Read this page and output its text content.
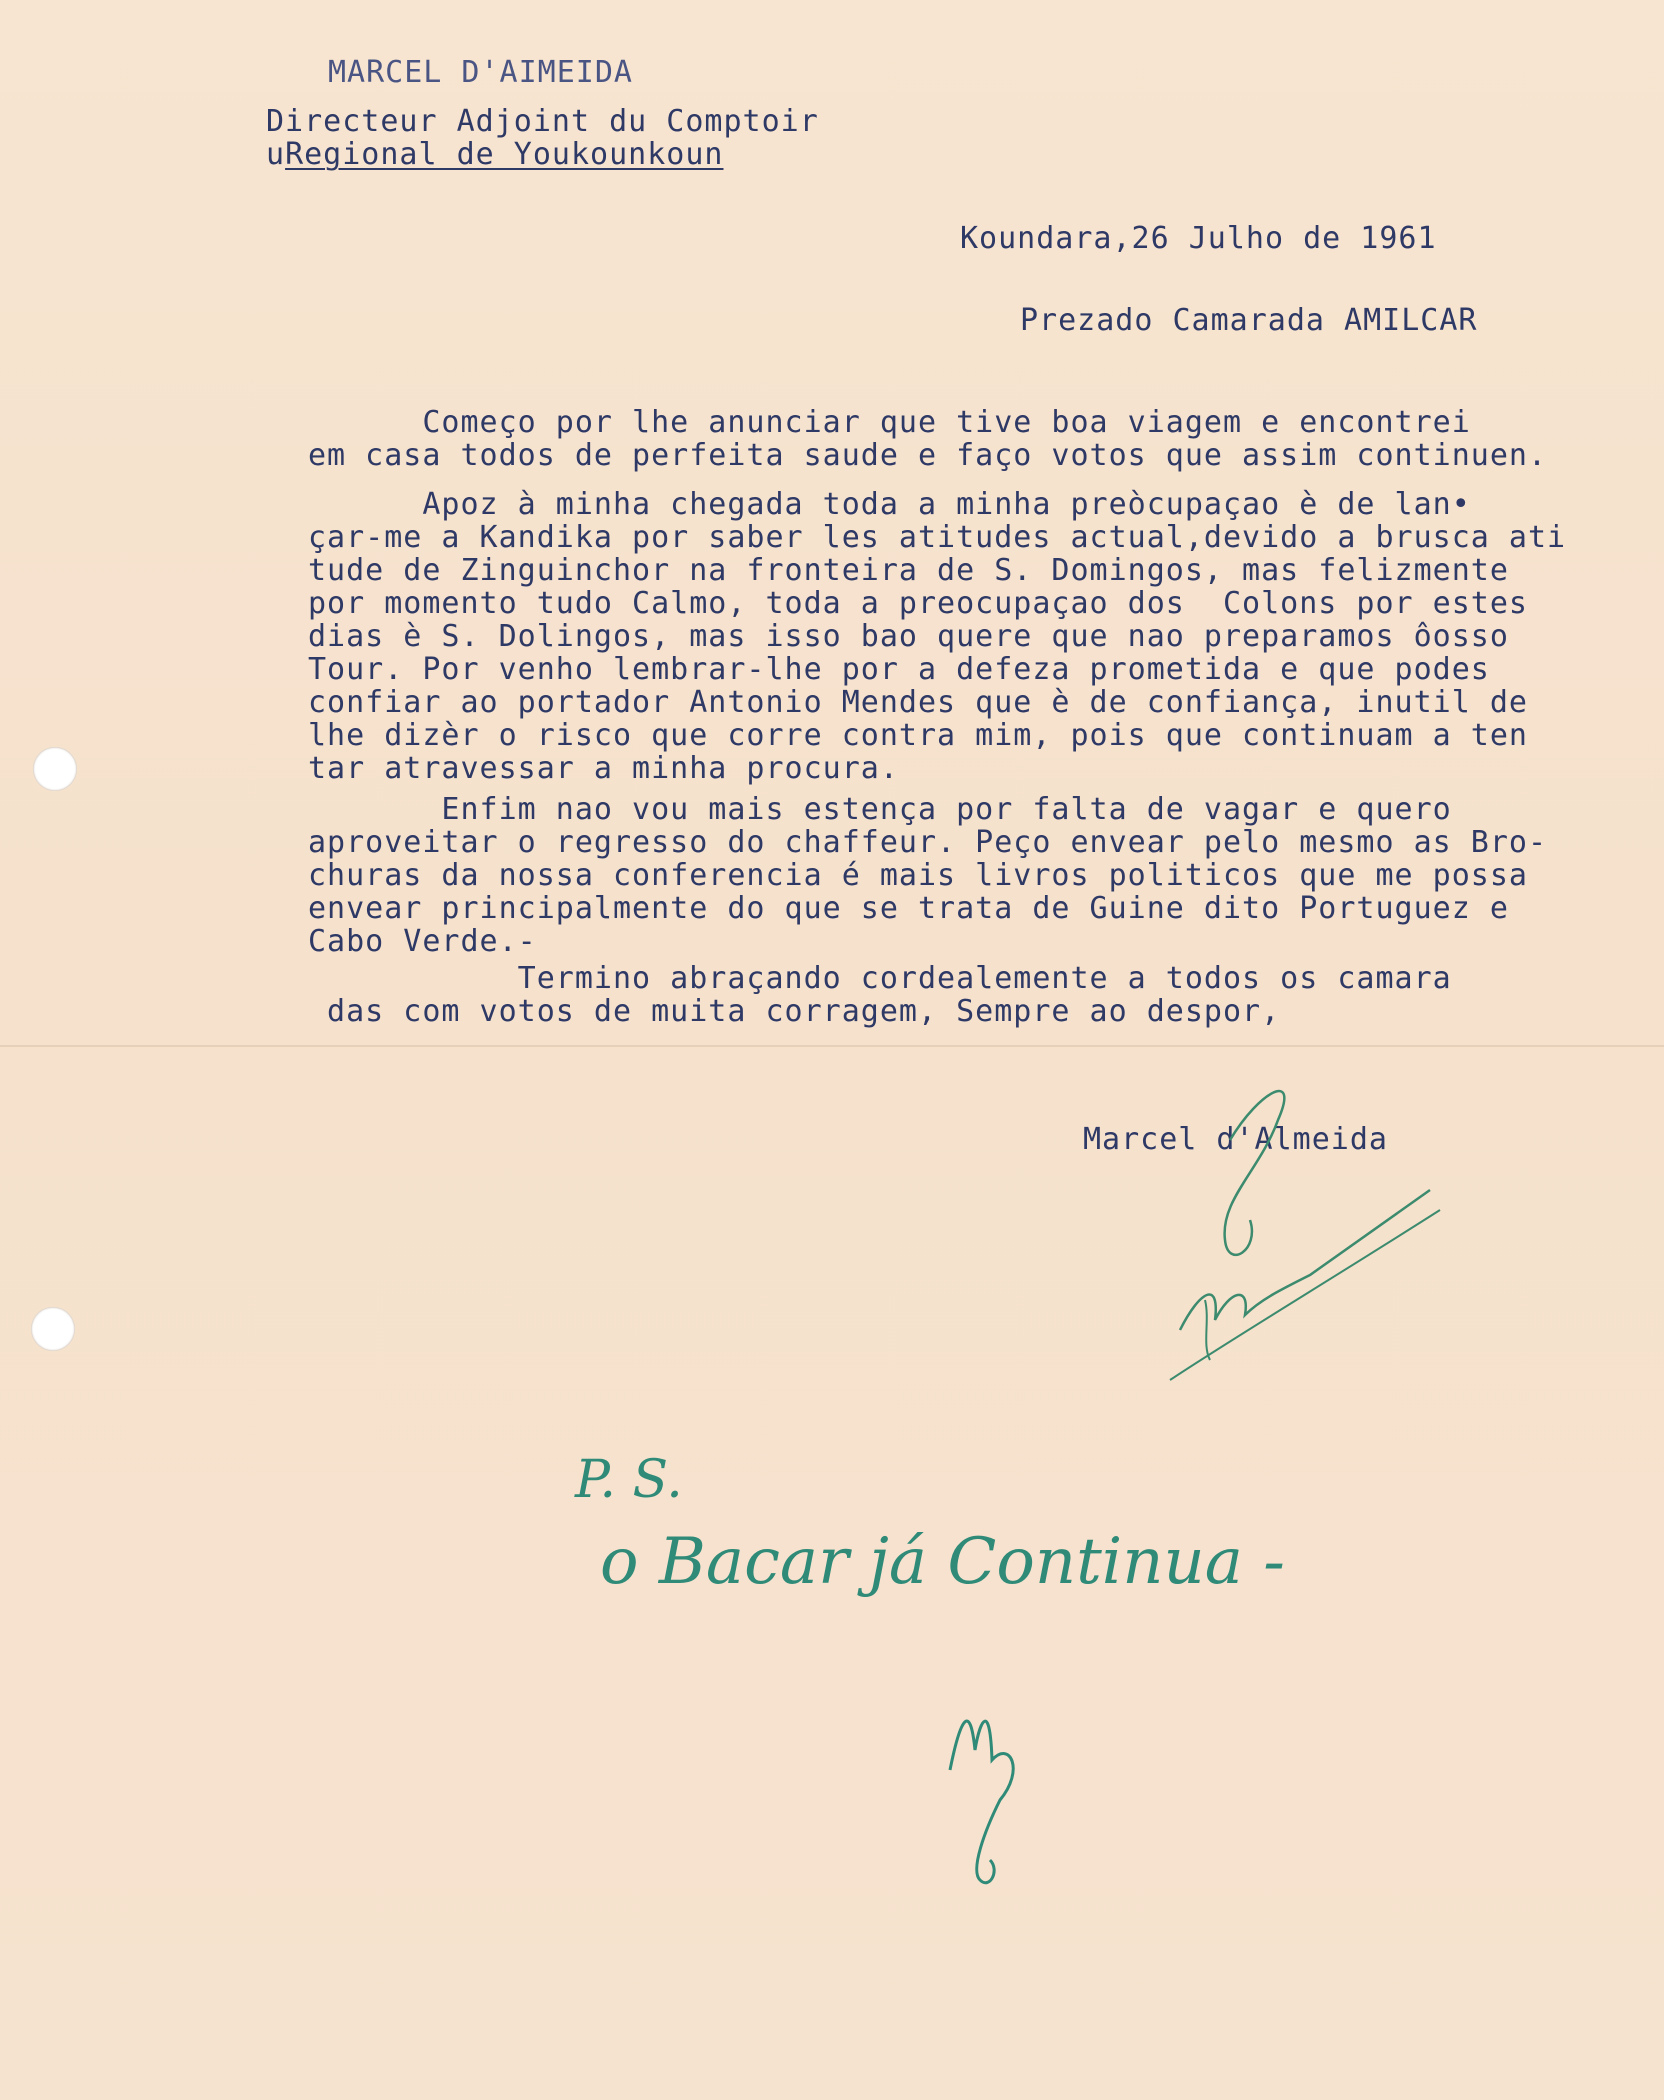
MARCEL D'AIMEIDA
Directeur Adjoint du Comptoir
uRegional de Youkounkoun
Koundara,26 Julho de 1961
Prezado Camarada AMILCAR
Começo por lhe anunciar que tive boa viagem e encontrei
em casa todos de perfeita saude e faço votos que assim continuen.
Apoz à minha chegada toda a minha preòcupaçao è de lan•
çar-me a Kandika por saber les atitudes actual,devido a brusca ati
tude de Zinguinchor na fronteira de S. Domingos, mas felizmente
por momento tudo Calmo, toda a preocupaçao dos  Colons por estes
dias è S. Dolingos, mas isso bao quere que nao preparamos ôosso
Tour. Por venho lembrar-lhe por a defeza prometida e que podes
confiar ao portador Antonio Mendes que è de confiança, inutil de
lhe dizèr o risco que corre contra mim, pois que continuam a ten
tar atravessar a minha procura.
Enfim nao vou mais estença por falta de vagar e quero
aproveitar o regresso do chaffeur. Peço envear pelo mesmo as Bro-
churas da nossa conferencia é mais livros politicos que me possa
envear principalmente do que se trata de Guine dito Portuguez e
Cabo Verde.-
Termino abraçando cordealemente a todos os camara
das com votos de muita corragem, Sempre ao despor,
Marcel d'Almeida
P. S.
o Bacar já Continua -
